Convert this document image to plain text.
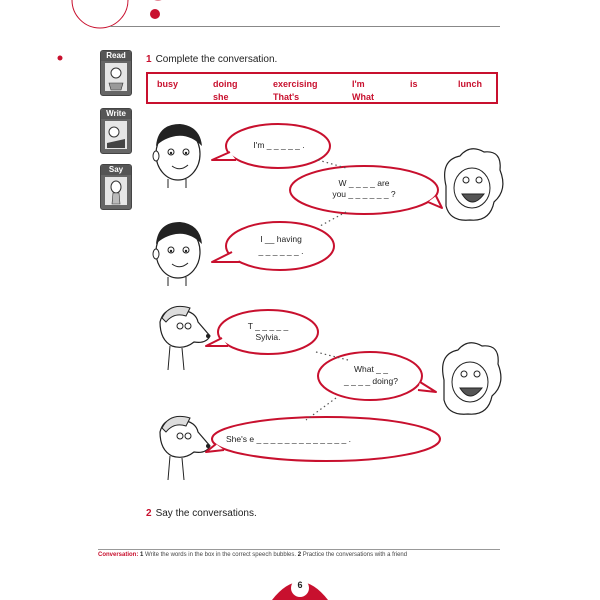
Read
Write
Say
1 Complete the conversation.
busy	doing	exercising	I'm	is	lunch
she	That's	What
I'm _ _ _ _ _ .
W _ _ _ _ are
you _ _ _ _ _ _ ?
I __ having
_ _ _ _ _ _ .
T _ _ _ _ _
Sylvia.
What _ _
_ _ _ _ doing?
She's e _ _ _ _ _ _ _ _ _ _ _ _ _ .
2 Say the conversations.
Conversation: 1 Write the words in the box in the correct speech bubbles. 2 Practice the conversations with a friend
6
